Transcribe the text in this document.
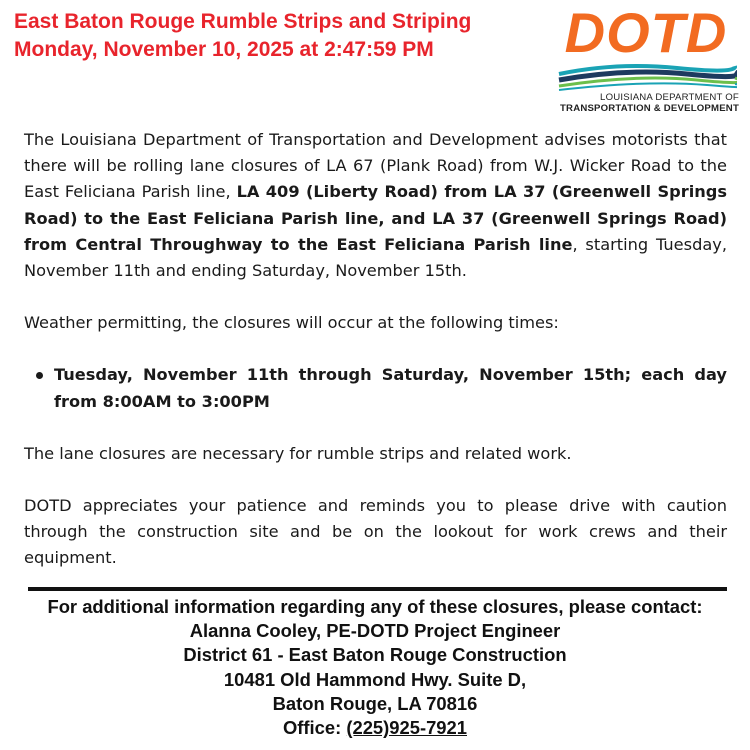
East Baton Rouge Rumble Strips and Striping
Monday, November 10, 2025 at 2:47:59 PM	DOTD
LOUISIANA DEPARTMENT OF
TRANSPORTATION & DEVELOPMENT

The Louisiana Department of Transportation and Development advises motorists that there will be rolling lane closures of LA 67 (Plank Road) from W.J. Wicker Road to the East Feliciana Parish line, LA 409 (Liberty Road) from LA 37 (Greenwell Springs Road) to the East Feliciana Parish line, and LA 37 (Greenwell Springs Road) from Central Throughway to the East Feliciana Parish line, starting Tuesday, November 11th and ending Saturday, November 15th.

Weather permitting, the closures will occur at the following times:

Tuesday, November 11th through Saturday, November 15th; each day from 8:00AM to 3:00PM

The lane closures are necessary for rumble strips and related work.

DOTD appreciates your patience and reminds you to please drive with caution through the construction site and be on the lookout for work crews and their equipment.

For additional information regarding any of these closures, please contact:
Alanna Cooley, PE-DOTD Project Engineer
District 61 - East Baton Rouge Construction
10481 Old Hammond Hwy. Suite D,
Baton Rouge, LA 70816
Office: (225)925-7921
